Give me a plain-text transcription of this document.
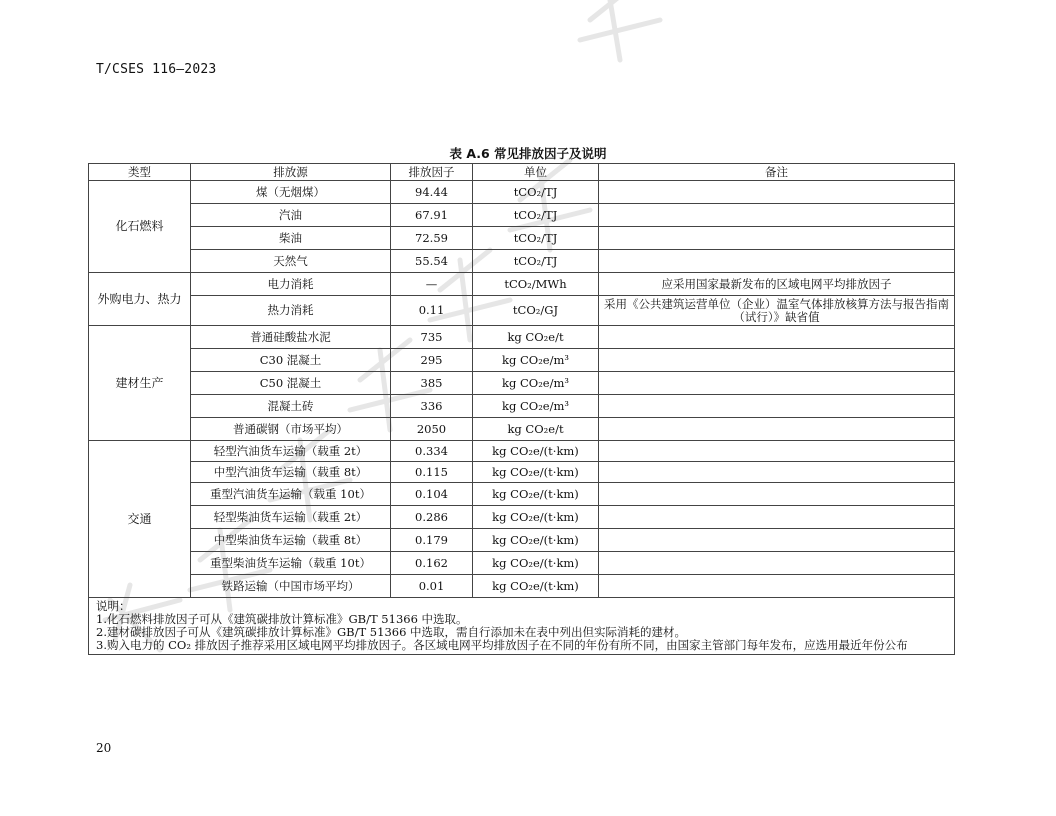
T/CSES 116—2023
表 A.6 常见排放因子及说明
类型	排放源	排放因子	单位	备注
化石燃料	煤（无烟煤）	94.44	tCO₂/TJ	
	汽油	67.91	tCO₂/TJ	
	柴油	72.59	tCO₂/TJ	
	天然气	55.54	tCO₂/TJ	
外购电力、热力	电力消耗	—	tCO₂/MWh	应采用国家最新发布的区域电网平均排放因子
	热力消耗	0.11	tCO₂/GJ	采用《公共建筑运营单位（企业）温室气体排放核算方法与报告指南（试行）》缺省值
建材生产	普通硅酸盐水泥	735	kg CO₂e/t	
	C30 混凝土	295	kg CO₂e/m³	
	C50 混凝土	385	kg CO₂e/m³	
	混凝土砖	336	kg CO₂e/m³	
	普通碳钢（市场平均）	2050	kg CO₂e/t	
交通	轻型汽油货车运输（载重 2t）	0.334	kg CO₂e/(t·km)	
	中型汽油货车运输（载重 8t）	0.115	kg CO₂e/(t·km)	
	重型汽油货车运输（载重 10t）	0.104	kg CO₂e/(t·km)	
	轻型柴油货车运输（载重 2t）	0.286	kg CO₂e/(t·km)	
	中型柴油货车运输（载重 8t）	0.179	kg CO₂e/(t·km)	
	重型柴油货车运输（载重 10t）	0.162	kg CO₂e/(t·km)	
	铁路运输（中国市场平均）	0.01	kg CO₂e/(t·km)	

说明：
1.化石燃料排放因子可从《建筑碳排放计算标准》GB/T 51366 中选取。
2.建材碳排放因子可从《建筑碳排放计算标准》GB/T 51366 中选取，需自行添加未在表中列出但实际消耗的建材。
3.购入电力的 CO₂ 排放因子推荐采用区域电网平均排放因子。各区域电网平均排放因子在不同的年份有所不同，由国家主管部门每年发布，应选用最近年份公布				
20
